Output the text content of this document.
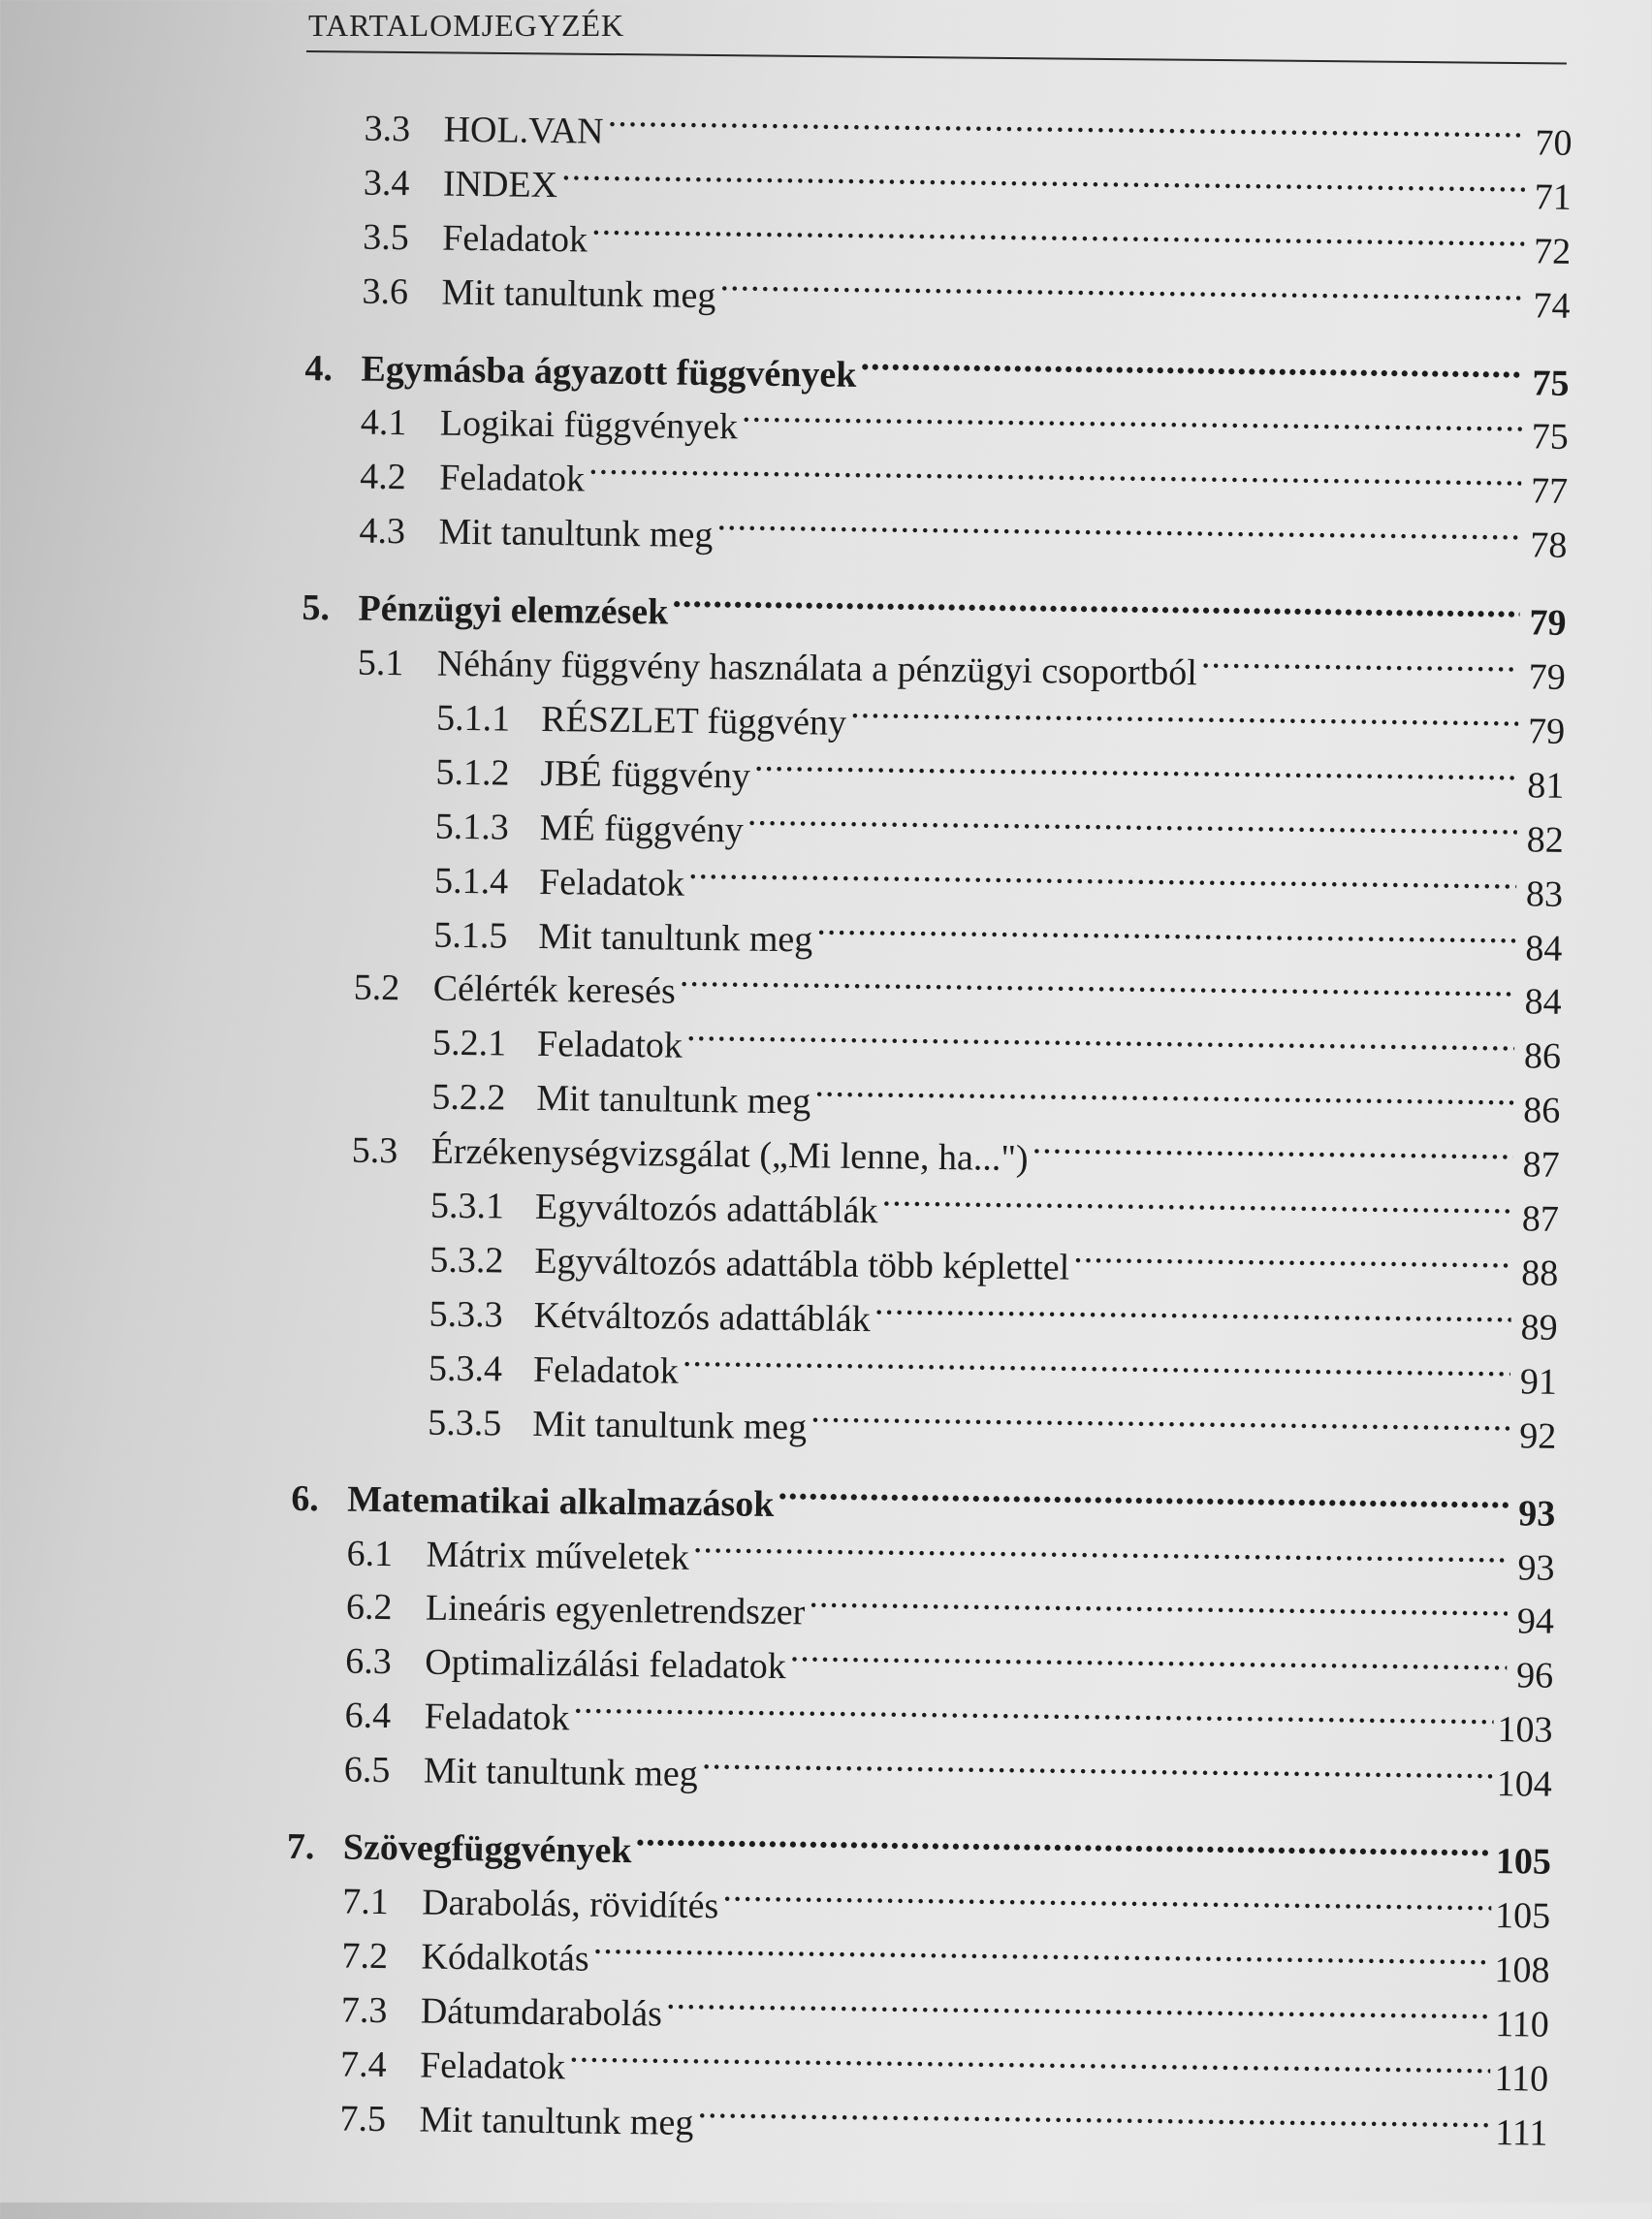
TARTALOMJEGYZÉK
3.3 HOL.VAN .....	70
3.4 INDEX .....	71
3.5 Feladatok .....	72
3.6 Mit tanultunk meg .....	74
4. Egymásba ágyazott függvények .....	75
4.1 Logikai függvények .....	75
4.2 Feladatok .....	77
4.3 Mit tanultunk meg .....	78
5. Pénzügyi elemzések .....	79
5.1 Néhány függvény használata a pénzügyi csoportból .....	79
5.1.1 RÉSZLET függvény .....	79
5.1.2 JBÉ függvény .....	81
5.1.3 MÉ függvény .....	82
5.1.4 Feladatok .....	83
5.1.5 Mit tanultunk meg .....	84
5.2 Célérték keresés .....	84
5.2.1 Feladatok .....	86
5.2.2 Mit tanultunk meg .....	86
5.3 Érzékenységvizsgálat („Mi lenne, ha...") .....	87
5.3.1 Egyváltozós adattáblák .....	87
5.3.2 Egyváltozós adattábla több képlettel .....	88
5.3.3 Kétváltozós adattáblák .....	89
5.3.4 Feladatok .....	91
5.3.5 Mit tanultunk meg .....	92
6. Matematikai alkalmazások .....	93
6.1 Mátrix műveletek .....	93
6.2 Lineáris egyenletrendszer .....	94
6.3 Optimalizálási feladatok .....	96
6.4 Feladatok .....	103
6.5 Mit tanultunk meg .....	104
7. Szövegfüggvények .....	105
7.1 Darabolás, rövidítés .....	105
7.2 Kódalkotás .....	108
7.3 Dátumdarabolás .....	110
7.4 Feladatok .....	110
7.5 Mit tanultunk meg .....	111
